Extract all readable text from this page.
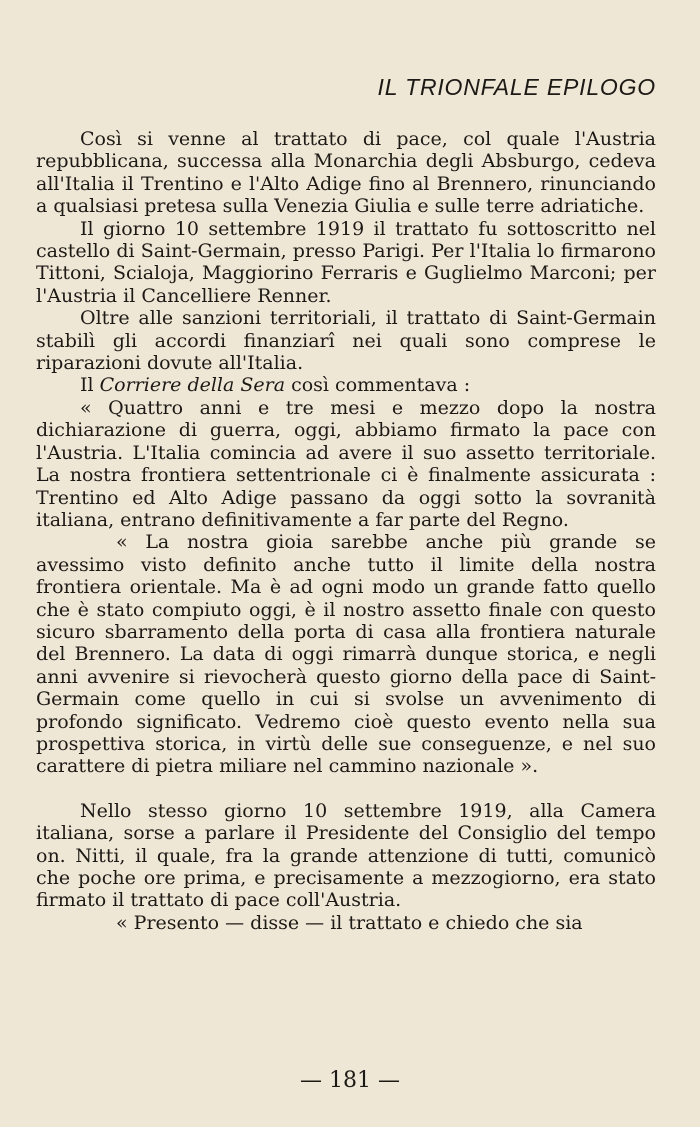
IL TRIONFALE EPILOGO

Così si venne al trattato di pace, col quale l'Austria repubblicana, successa alla Monarchia degli Absburgo, cedeva all'Italia il Trentino e l'Alto Adige fino al Brennero, rinunciando a qualsiasi pretesa sulla Venezia Giulia e sulle terre adriatiche.

Il giorno 10 settembre 1919 il trattato fu sottoscritto nel castello di Saint-Germain, presso Parigi. Per l'Italia lo firmarono Tittoni, Scialoja, Maggiorino Ferraris e Guglielmo Marconi; per l'Austria il Cancelliere Renner.

Oltre alle sanzioni territoriali, il trattato di Saint-Germain stabilì gli accordi finanziarî nei quali sono comprese le riparazioni dovute all'Italia.

Il Corriere della Sera così commentava :

« Quattro anni e tre mesi e mezzo dopo la nostra dichiarazione di guerra, oggi, abbiamo firmato la pace con l'Austria. L'Italia comincia ad avere il suo assetto territoriale. La nostra frontiera settentrionale ci è finalmente assicurata : Trentino ed Alto Adige passano da oggi sotto la sovranità italiana, entrano definitivamente a far parte del Regno.

« La nostra gioia sarebbe anche più grande se avessimo visto definito anche tutto il limite della nostra frontiera orientale. Ma è ad ogni modo un grande fatto quello che è stato compiuto oggi, è il nostro assetto finale con questo sicuro sbarramento della porta di casa alla frontiera naturale del Brennero. La data di oggi rimarrà dunque storica, e negli anni avvenire si rievocherà questo giorno della pace di Saint-Germain come quello in cui si svolse un avvenimento di profondo significato. Vedremo cioè questo evento nella sua prospettiva storica, in virtù delle sue conseguenze, e nel suo carattere di pietra miliare nel cammino nazionale ».

Nello stesso giorno 10 settembre 1919, alla Camera italiana, sorse a parlare il Presidente del Consiglio del tempo on. Nitti, il quale, fra la grande attenzione di tutti, comunicò che poche ore prima, e precisamente a mezzogiorno, era stato firmato il trattato di pace coll'Austria.

« Presento — disse — il trattato e chiedo che sia

— 181 —
